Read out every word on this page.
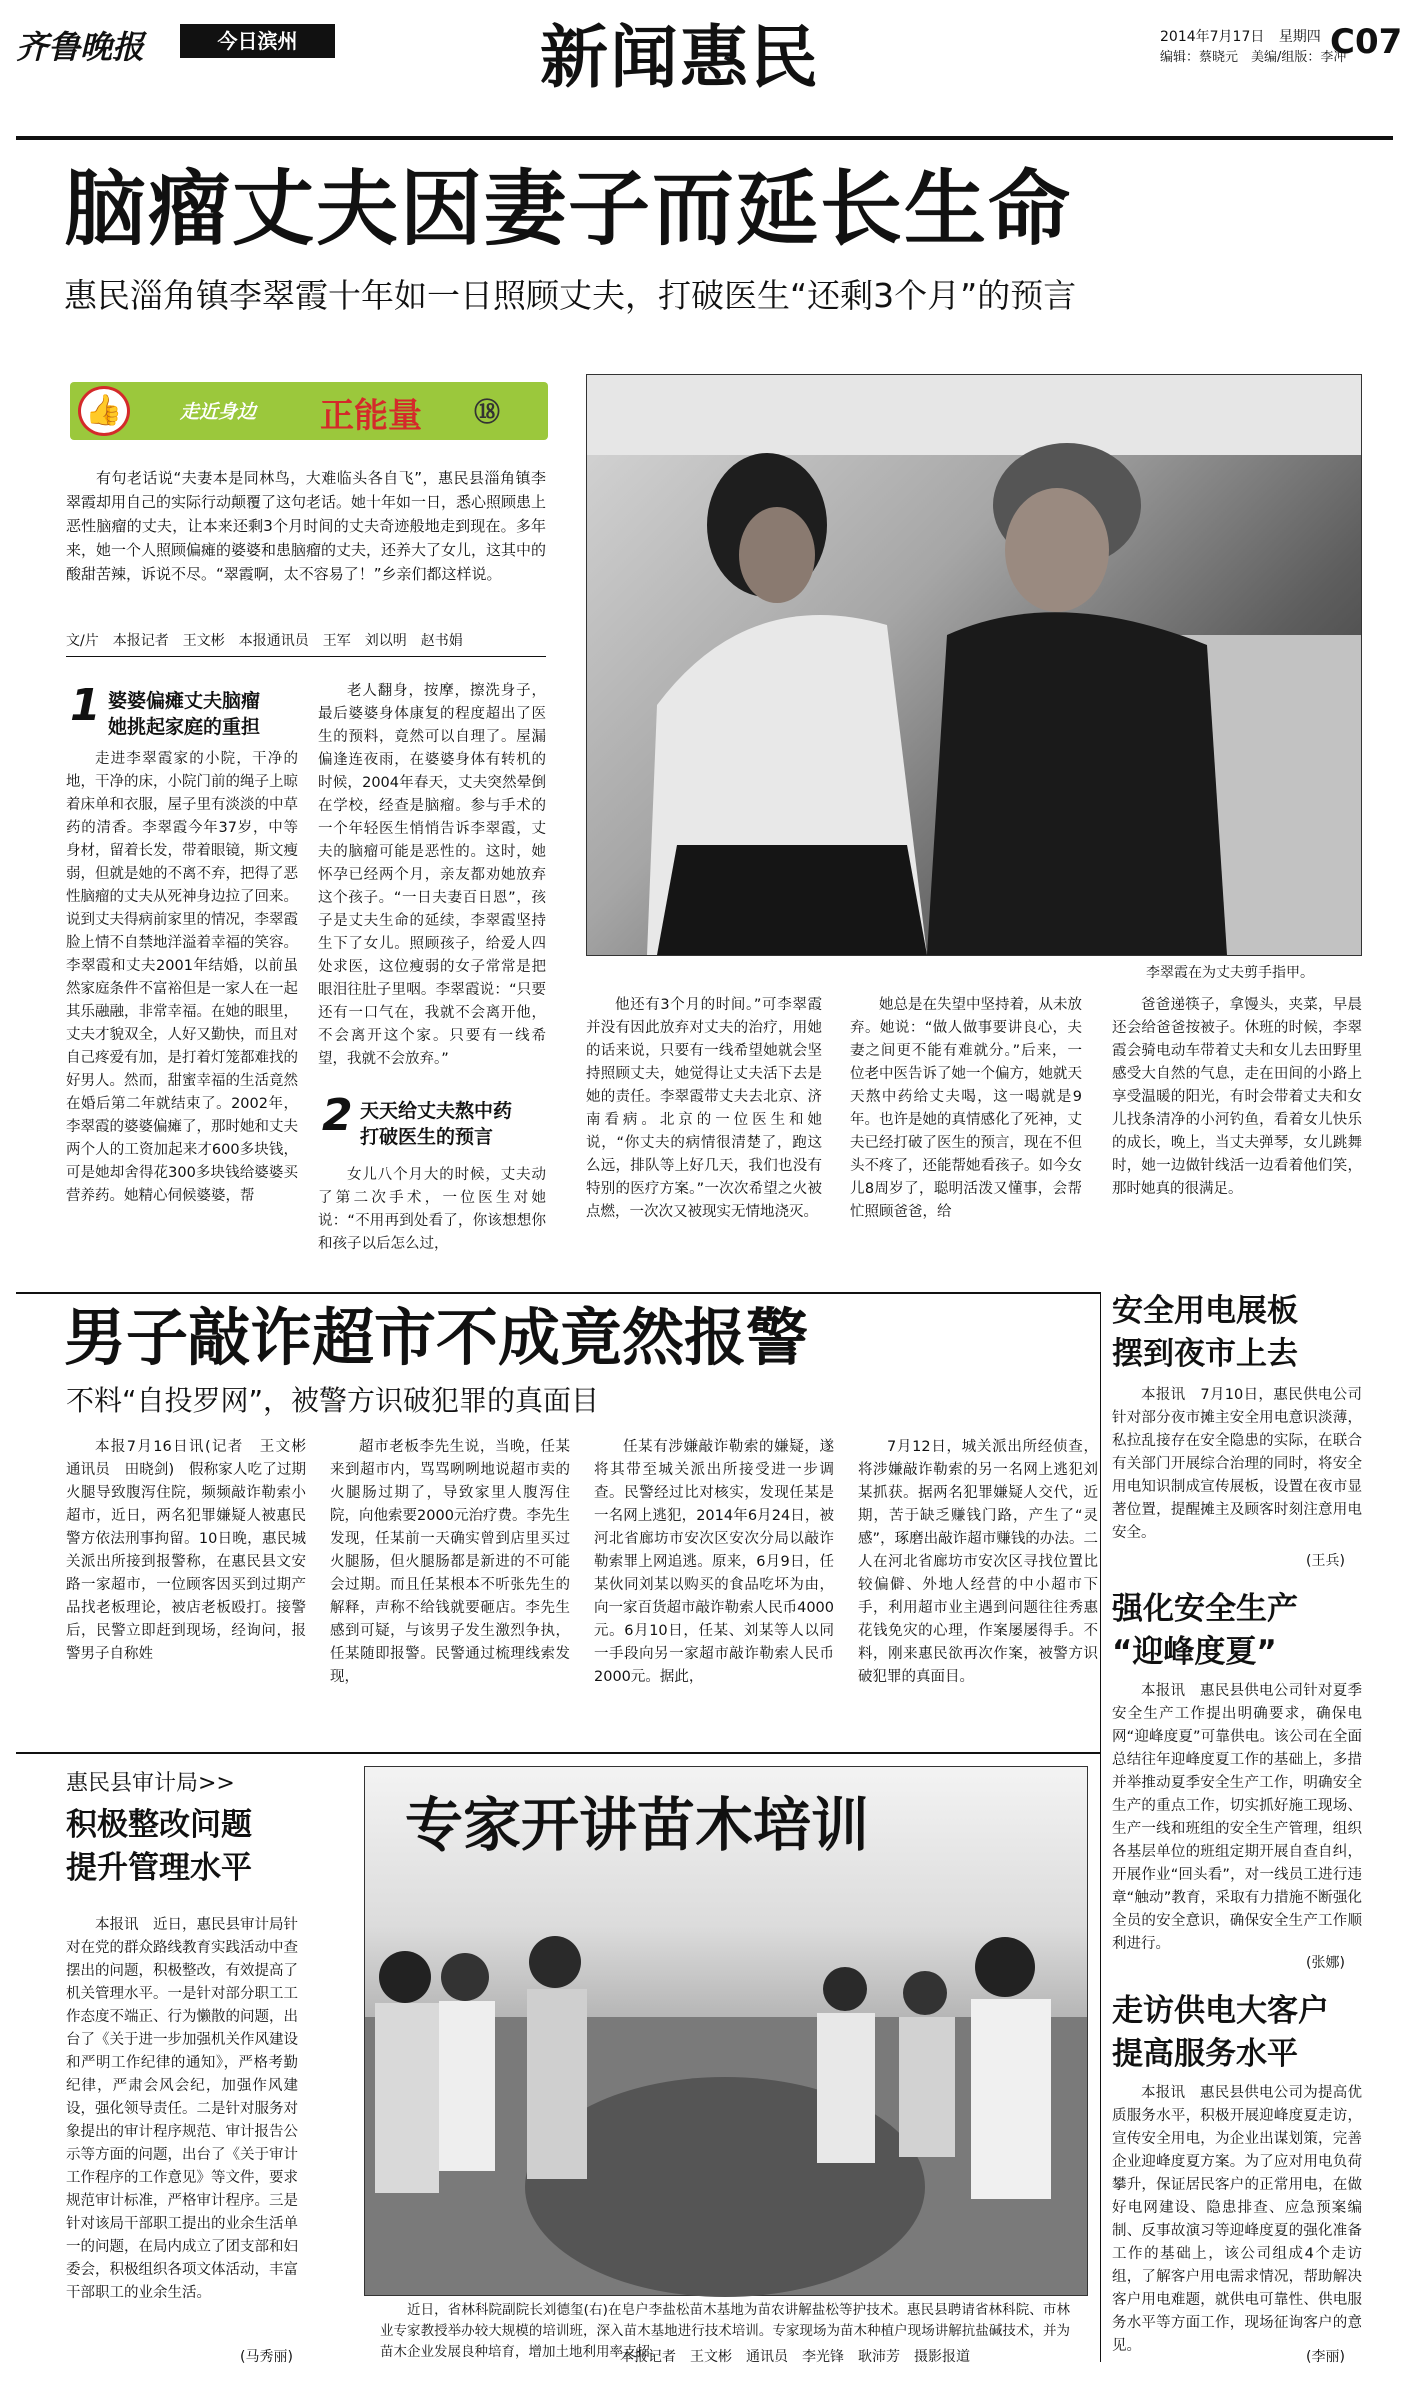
齐鲁晚报	今日滨州	新闻惠民	2014年7月17日 星期四
编辑：蔡晓元　美编/组版：李冲
C07
脑瘤丈夫因妻子而延长生命
惠民淄角镇李翠霞十年如一日照顾丈夫，打破医生“还剩3个月”的预言
👍	走近身边 正能量 ⑱

有句老话说“夫妻本是同林鸟，大难临头各自飞”，惠民县淄角镇李翠霞却用自己的实际行动颠覆了这句老话。她十年如一日，悉心照顾患上恶性脑瘤的丈夫，让本来还剩3个月时间的丈夫奇迹般地走到现在。多年来，她一个人照顾偏瘫的婆婆和患脑瘤的丈夫，还养大了女儿，这其中的酸甜苦辣，诉说不尽。“翠霞啊，太不容易了！”乡亲们都这样说。

文/片　本报记者　王文彬　本报通讯员　王军　刘以明　赵书娟
李翠霞在为丈夫剪手指甲。
1 婆婆偏瘫丈夫脑瘤
她挑起家庭的重担

走进李翠霞家的小院，干净的地，干净的床，小院门前的绳子上晾着床单和衣服，屋子里有淡淡的中草药的清香。李翠霞今年37岁，中等身材，留着长发，带着眼镜，斯文瘦弱，但就是她的不离不弃，把得了恶性脑瘤的丈夫从死神身边拉了回来。说到丈夫得病前家里的情况，李翠霞脸上情不自禁地洋溢着幸福的笑容。李翠霞和丈夫2001年结婚，以前虽然家庭条件不富裕但是一家人在一起其乐融融，非常幸福。在她的眼里，丈夫才貌双全，人好又勤快，而且对自己疼爱有加，是打着灯笼都难找的好男人。然而，甜蜜幸福的生活竟然在婚后第二年就结束了。2002年，李翠霞的婆婆偏瘫了，那时她和丈夫两个人的工资加起来才600多块钱，可是她却舍得花300多块钱给婆婆买营养药。她精心伺候婆婆，帮

老人翻身，按摩，擦洗身子，最后婆婆身体康复的程度超出了医生的预料，竟然可以自理了。屋漏偏逢连夜雨，在婆婆身体有转机的时候，2004年春天，丈夫突然晕倒在学校，经查是脑瘤。参与手术的一个年轻医生悄悄告诉李翠霞，丈夫的脑瘤可能是恶性的。这时，她怀孕已经两个月，亲友都劝她放弃这个孩子。“一日夫妻百日恩”，孩子是丈夫生命的延续，李翠霞坚持生下了女儿。照顾孩子，给爱人四处求医，这位瘦弱的女子常常是把眼泪往肚子里咽。李翠霞说：“只要还有一口气在，我就不会离开他，不会离开这个家。只要有一线希望，我就不会放弃。”

2 天天给丈夫熬中药
打破医生的预言

女儿八个月大的时候，丈夫动了第二次手术，一位医生对她说：“不用再到处看了，你该想想你和孩子以后怎么过，

他还有3个月的时间。”可李翠霞并没有因此放弃对丈夫的治疗，用她的话来说，只要有一线希望她就会坚持照顾丈夫，她觉得让丈夫活下去是她的责任。李翠霞带丈夫去北京、济南看病。北京的一位医生和她说，“你丈夫的病情很清楚了，跑这么远，排队等上好几天，我们也没有特别的医疗方案。”一次次希望之火被点燃，一次次又被现实无情地浇灭。

她总是在失望中坚持着，从未放弃。她说：“做人做事要讲良心，夫妻之间更不能有难就分。”后来，一位老中医告诉了她一个偏方，她就天天熬中药给丈夫喝，这一喝就是9年。也许是她的真情感化了死神，丈夫已经打破了医生的预言，现在不但头不疼了，还能帮她看孩子。如今女儿8周岁了，聪明活泼又懂事，会帮忙照顾爸爸，给

爸爸递筷子，拿馒头，夹菜，早晨还会给爸爸按被子。休班的时候，李翠霞会骑电动车带着丈夫和女儿去田野里感受大自然的气息，走在田间的小路上享受温暖的阳光，有时会带着丈夫和女儿找条清净的小河钓鱼，看着女儿快乐的成长，晚上，当丈夫弹琴，女儿跳舞时，她一边做针线活一边看着他们笑，那时她真的很满足。

男子敲诈超市不成竟然报警
不料“自投罗网”，被警方识破犯罪的真面目

本报7月16日讯(记者　王文彬　通讯员　田晓剑)　假称家人吃了过期火腿导致腹泻住院，频频敲诈勒索小超市，近日，两名犯罪嫌疑人被惠民警方依法刑事拘留。10日晚，惠民城关派出所接到报警称，在惠民县文安路一家超市，一位顾客因买到过期产品找老板理论，被店老板殴打。接警后，民警立即赶到现场，经询问，报警男子自称姓

超市老板李先生说，当晚，任某来到超市内，骂骂咧咧地说超市卖的火腿肠过期了，导致家里人腹泻住院，向他索要2000元治疗费。李先生发现，任某前一天确实曾到店里买过火腿肠，但火腿肠都是新进的不可能会过期。而且任某根本不听张先生的解释，声称不给钱就要砸店。李先生感到可疑，与该男子发生激烈争执，任某随即报警。民警通过梳理线索发现，

任某有涉嫌敲诈勒索的嫌疑，遂将其带至城关派出所接受进一步调查。民警经过比对核实，发现任某是一名网上逃犯，2014年6月24日，被河北省廊坊市安次区安次分局以敲诈勒索罪上网追逃。原来，6月9日，任某伙同刘某以购买的食品吃坏为由，向一家百货超市敲诈勒索人民币4000元。6月10日，任某、刘某等人以同一手段向另一家超市敲诈勒索人民币2000元。据此，

7月12日，城关派出所经侦查，将涉嫌敲诈勒索的另一名网上逃犯刘某抓获。据两名犯罪嫌疑人交代，近期，苦于缺乏赚钱门路，产生了“灵感”，琢磨出敲诈超市赚钱的办法。二人在河北省廊坊市安次区寻找位置比较偏僻、外地人经营的中小超市下手，利用超市业主遇到问题往往秀惠花钱免灾的心理，作案屡屡得手。不料，刚来惠民欲再次作案，被警方识破犯罪的真面目。

安全用电展板
摆到夜市上去

本报讯　7月10日，惠民供电公司针对部分夜市摊主安全用电意识淡薄，私拉乱接存在安全隐患的实际，在联合有关部门开展综合治理的同时，将安全用电知识制成宣传展板，设置在夜市显著位置，提醒摊主及顾客时刻注意用电安全。

(王兵)
强化安全生产
“迎峰度夏”

本报讯　惠民县供电公司针对夏季安全生产工作提出明确要求，确保电网“迎峰度夏”可靠供电。该公司在全面总结往年迎峰度夏工作的基础上，多措并举推动夏季安全生产工作，明确安全生产的重点工作，切实抓好施工现场、生产一线和班组的安全生产管理，组织各基层单位的班组定期开展自查自纠，开展作业“回头看”，对一线员工进行违章“触动”教育，采取有力措施不断强化全员的安全意识，确保安全生产工作顺利进行。

(张娜)
走访供电大客户
提高服务水平

本报讯　惠民县供电公司为提高优质服务水平，积极开展迎峰度夏走访，宣传安全用电，为企业出谋划策，完善企业迎峰度夏方案。为了应对用电负荷攀升，保证居民客户的正常用电，在做好电网建设、隐患排查、应急预案编制、反事故演习等迎峰度夏的强化准备工作的基础上，该公司组成4个走访组，了解客户用电需求情况，帮助解决客户用电难题，就供电可靠性、供电服务水平等方面工作，现场征询客户的意见。

(李丽)
惠民县审计局>>
积极整改问题
提升管理水平

本报讯　近日，惠民县审计局针对在党的群众路线教育实践活动中查摆出的问题，积极整改，有效提高了机关管理水平。一是针对部分职工工作态度不端正、行为懒散的问题，出台了《关于进一步加强机关作风建设和严明工作纪律的通知》，严格考勤纪律，严肃会风会纪，加强作风建设，强化领导责任。二是针对服务对象提出的审计程序规范、审计报告公示等方面的问题，出台了《关于审计工作程序的工作意见》等文件，要求规范审计标准，严格审计程序。三是针对该局干部职工提出的业余生活单一的问题，在局内成立了团支部和妇委会，积极组织各项文体活动，丰富干部职工的业余生活。

(马秀丽)
专家开讲苗木培训

近日，省林科院副院长刘德玺(右)在皂户李盐松苗木基地为苗农讲解盐松等护技术。惠民县聘请省林科院、市林业专家教授举办较大规模的培训班，深入苗木基地进行技术培训。专家现场为苗木种植户现场讲解抗盐碱技术，并为苗木企业发展良种培育，增加土地利用率支招。

本报记者　王文彬　通讯员　李光锋　耿沛芳　摄影报道
